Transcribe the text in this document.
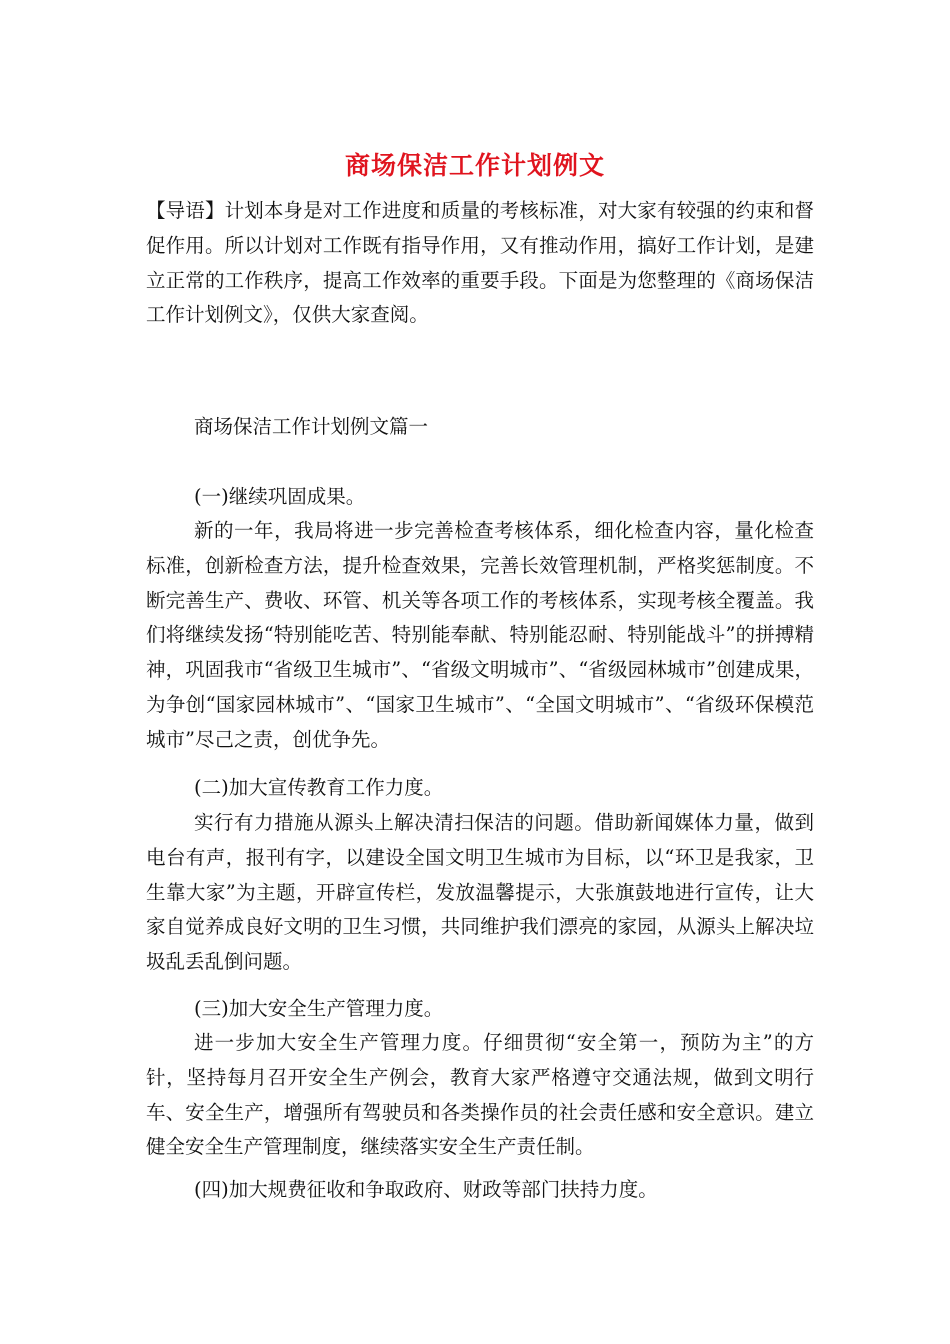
商场保洁工作计划例文

【导语】计划本身是对工作进度和质量的考核标准，对大家有较强的约束和督促作用。所以计划对工作既有指导作用，又有推动作用，搞好工作计划，是建立正常的工作秩序，提高工作效率的重要手段。下面是为您整理的《商场保洁工作计划例文》，仅供大家查阅。

商场保洁工作计划例文篇一

(一)继续巩固成果。

新的一年，我局将进一步完善检查考核体系，细化检查内容，量化检查标准，创新检查方法，提升检查效果，完善长效管理机制，严格奖惩制度。不断完善生产、费收、环管、机关等各项工作的考核体系，实现考核全覆盖。我们将继续发扬“特别能吃苦、特别能奉献、特别能忍耐、特别能战斗”的拼搏精神，巩固我市“省级卫生城市”、“省级文明城市”、“省级园林城市”创建成果，为争创“国家园林城市”、“国家卫生城市”、“全国文明城市”、“省级环保模范城市”尽己之责，创优争先。

(二)加大宣传教育工作力度。

实行有力措施从源头上解决清扫保洁的问题。借助新闻媒体力量，做到电台有声，报刊有字，以建设全国文明卫生城市为目标，以“环卫是我家，卫生靠大家”为主题，开辟宣传栏，发放温馨提示，大张旗鼓地进行宣传，让大家自觉养成良好文明的卫生习惯，共同维护我们漂亮的家园，从源头上解决垃圾乱丢乱倒问题。

(三)加大安全生产管理力度。

进一步加大安全生产管理力度。仔细贯彻“安全第一，预防为主”的方针，坚持每月召开安全生产例会，教育大家严格遵守交通法规，做到文明行车、安全生产，增强所有驾驶员和各类操作员的社会责任感和安全意识。建立健全安全生产管理制度，继续落实安全生产责任制。

(四)加大规费征收和争取政府、财政等部门扶持力度。
